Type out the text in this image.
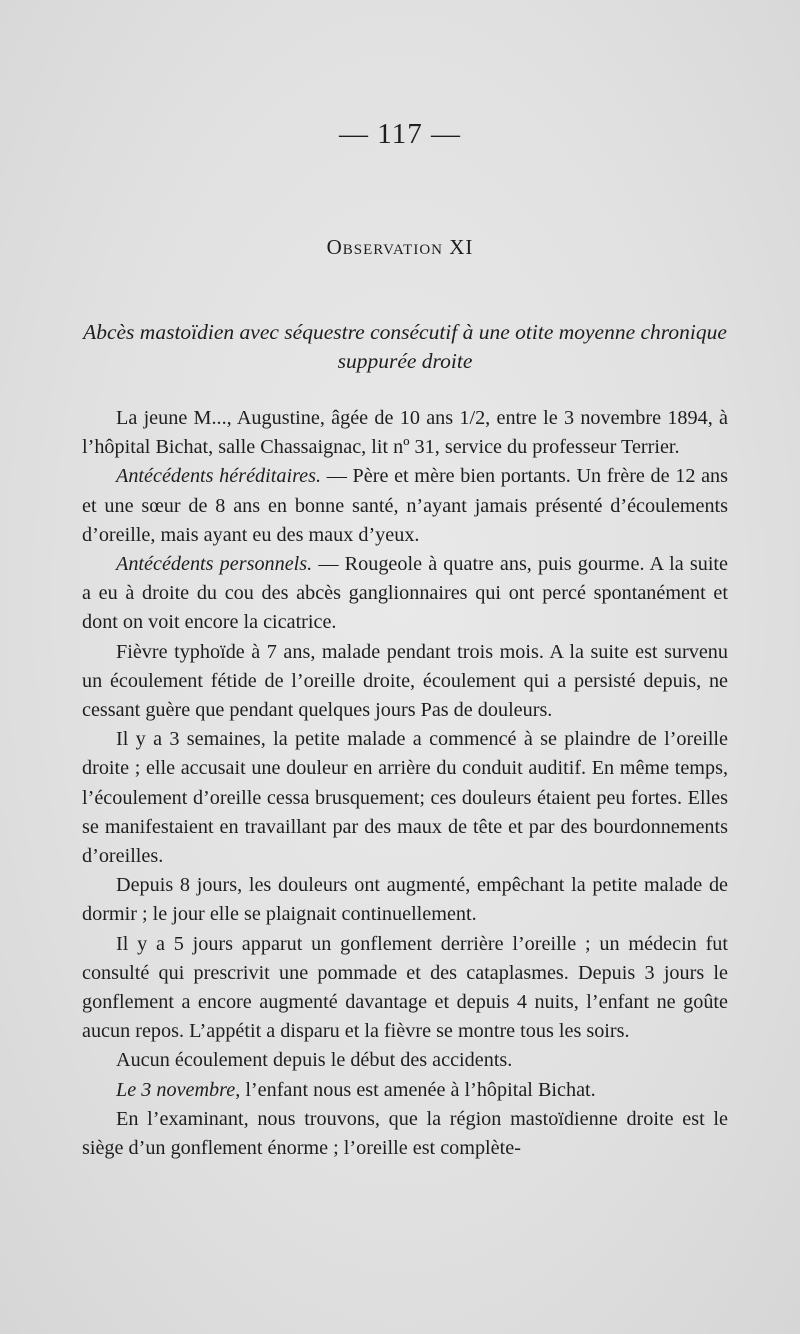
— 117 —
Observation XI
Abcès mastoïdien avec séquestre consécutif à une otite moyenne chronique suppurée droite

La jeune M..., Augustine, âgée de 10 ans 1/2, entre le 3 novembre 1894, à l’hôpital Bichat, salle Chassaignac, lit nº 31, service du professeur Terrier.

Antécédents héréditaires. — Père et mère bien portants. Un frère de 12 ans et une sœur de 8 ans en bonne santé, n’ayant jamais présenté d’écoulements d’oreille, mais ayant eu des maux d’yeux.

Antécédents personnels. — Rougeole à quatre ans, puis gourme. A la suite a eu à droite du cou des abcès ganglionnaires qui ont percé spontanément et dont on voit encore la cicatrice.

Fièvre typhoïde à 7 ans, malade pendant trois mois. A la suite est survenu un écoulement fétide de l’oreille droite, écoulement qui a persisté depuis, ne cessant guère que pendant quelques jours Pas de douleurs.

Il y a 3 semaines, la petite malade a commencé à se plaindre de l’oreille droite ; elle accusait une douleur en arrière du conduit auditif. En même temps, l’écoulement d’oreille cessa brusquement; ces douleurs étaient peu fortes. Elles se manifestaient en travaillant par des maux de tête et par des bourdonnements d’oreilles.

Depuis 8 jours, les douleurs ont augmenté, empêchant la petite malade de dormir ; le jour elle se plaignait continuellement.

Il y a 5 jours apparut un gonflement derrière l’oreille ; un médecin fut consulté qui prescrivit une pommade et des cataplasmes. Depuis 3 jours le gonflement a encore augmenté davantage et depuis 4 nuits, l’enfant ne goûte aucun repos. L’appétit a disparu et la fièvre se montre tous les soirs.

Aucun écoulement depuis le début des accidents.

Le 3 novembre, l’enfant nous est amenée à l’hôpital Bichat.

En l’examinant, nous trouvons, que la région mastoïdienne droite est le siège d’un gonflement énorme ; l’oreille est complète-
